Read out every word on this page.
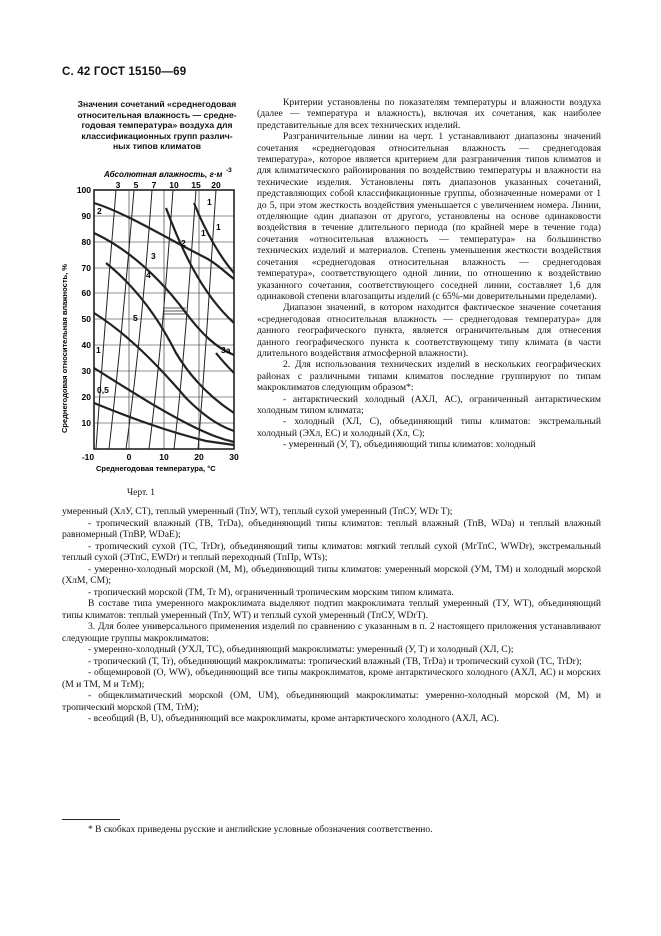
С. 42 ГОСТ 15150—69
Значения сочетаний «среднегодовая
относительная влажность — средне-
годовая температура» воздуха для
классификационных групп различ-
ных типов климатов
Абсолютная влажность, г·м -3
3 5 7 10 15 20
Среднегодовая относительная влажность, %
100
90
80
70
60
50
40
30
20
10
-10	0	10	20	30
Среднегодовая температура, °C
1
1
1
2
2
3
3а
4
5
0,5
1
Черт. 1

Критерии установлены по показателям температуры и влажности воздуха (далее — температура и влажность), включая их сочетания, как наиболее представительные для всех технических изделий.

Разграничительные линии на черт. 1 устанавливают диапазоны значений сочетания «среднегодовая относительная влажность — среднегодовая температура», которое является критерием для разграничения типов климатов и для климатического районирования по воздействию температуры и влажности на технические изделия. Установлены пять диапазонов указанных сочетаний, представляющих собой классификационные группы, обозначенные номерами от 1 до 5, при этом жесткость воздействия уменьшается с увеличением номера. Линии, отделяющие один диапазон от другого, установлены на основе одинаковости воздействия в течение длительного периода (по крайней мере в течение года) сочетания «относительная влажность — температура» на большинство технических изделий и материалов. Степень уменьшения жесткости воздействия сочетания «среднегодовая относительная влажность — среднегодовая температура», соответствующего одной линии, по отношению к воздействию указанного сочетания, соответствующего соседней линии, составляет 1,6 для одинаковой степени влагозащиты изделий (с 65%-ми доверительными пределами).

Диапазон значений, в котором находится фактическое значение сочетания «среднегодовая относительная влажность — среднегодовая температура» для данного географического пункта, является ограничительным для отнесения данного географического пункта к соответствующему типу климата (в части длительного воздействия атмосферной влажности).

2. Для использования технических изделий в нескольких географических районах с различными типами климатов последние группируют по типам макроклиматов следующим образом*:

- антарктический холодный (АХЛ, АС), ограниченный антарктическим холодным типом климата;

- холодный (ХЛ, С), объединяющий типы климатов: экстремальный холодный (ЭХл, ЕС) и холодный (Хл, С);

- умеренный (У, Т), объединяющий типы климатов: холодный

умеренный (ХлУ, СТ), теплый умеренный (ТпУ, WT), теплый сухой умеренный (ТпСУ, WDr T);

- тропический влажный (ТВ, TrDa), объединяющий типы климатов: теплый влажный (ТпВ, WDa) и теплый влажный равномерный (ТпВР, WDaE);

- тропический сухой (ТС, TrDr), объединяющий типы климатов: мягкий теплый сухой (МгТпС, WWDr), экстремальный теплый сухой (ЭТпС, EWDr) и теплый переходный (ТпПр, WTs);

- умеренно-холодный морской (М, M), объединяющий типы климатов: умеренный морской (УМ, TM) и холодный морской (ХлМ, CM);

- тропический морской (ТМ, Tr M), ограниченный тропическим морским типом климата.

В составе типа умеренного макроклимата выделяют подтип макроклимата теплый умеренный (ТУ, WT), объединяющий типы климатов: теплый умеренный (ТпУ, WT) и теплый сухой умеренный (ТпСУ, WDrT).

3. Для более универсального применения изделий по сравнению с указанным в п. 2 настоящего приложения устанавливают следующие группы макроклиматов:

- умеренно-холодный (УХЛ, ТС), объединяющий макроклиматы: умеренный (У, Т) и холодный (ХЛ, С);

- тропический (Т, Tr), объединяющий макроклиматы: тропический влажный (ТВ, TrDa) и тропический сухой (ТС, TrDr);

- общемировой (О, WW), объединяющий все типы макроклиматов, кроме антарктического холодного (АХЛ, АС) и морских (М и ТМ, М и TrM);

- общеклиматический морской (ОМ, UM), объединяющий макроклиматы: умеренно-холодный морской (М, M) и тропический морской (ТМ, TrM);

- всеобщий (В, U), объединяющий все макроклиматы, кроме антарктического холодного (АХЛ, АС).

* В скобках приведены русские и английские условные обозначения соответственно.
